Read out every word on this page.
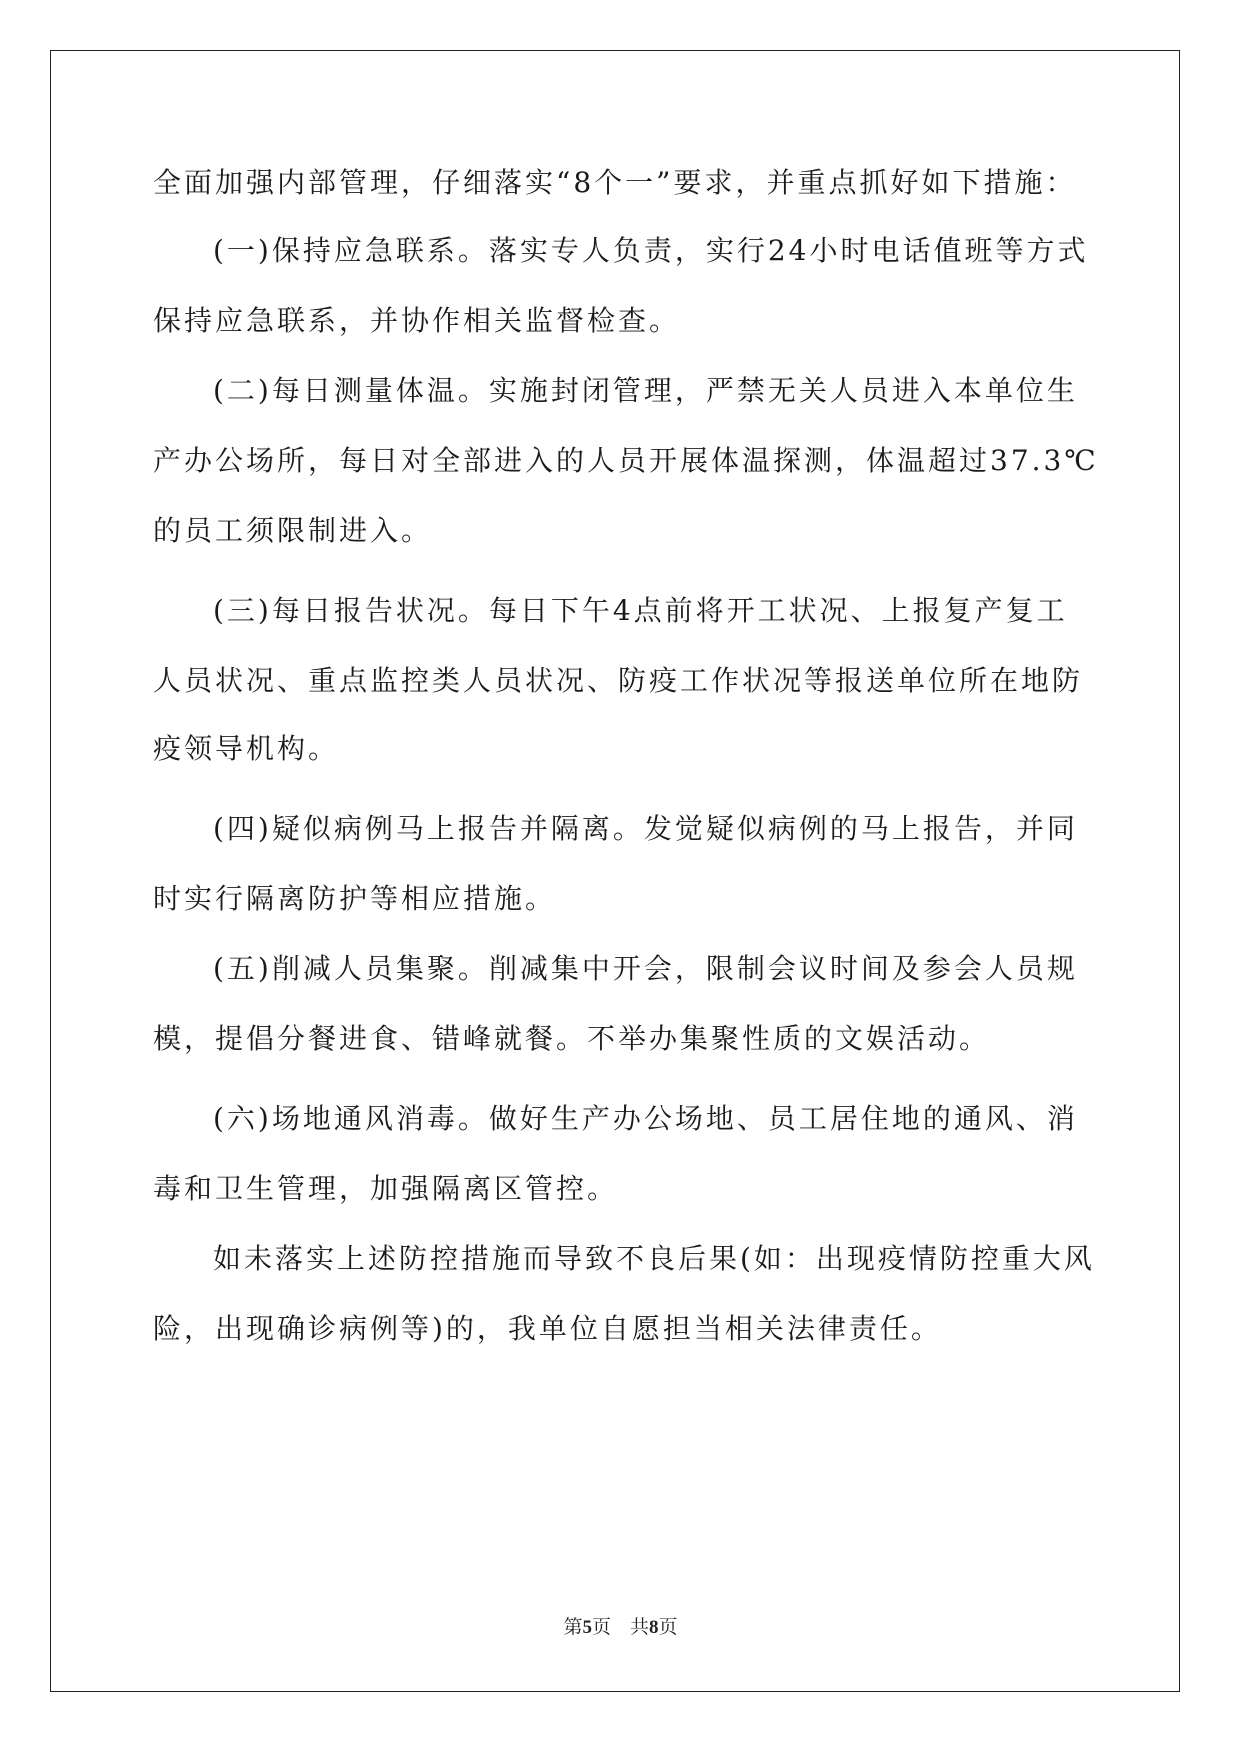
全面加强内部管理，仔细落实“8个一”要求，并重点抓好如下措施：
(一)保持应急联系。落实专人负责，实行24小时电话值班等方式
保持应急联系，并协作相关监督检查。
(二)每日测量体温。实施封闭管理，严禁无关人员进入本单位生
产办公场所，每日对全部进入的人员开展体温探测，体温超过37.3℃
的员工须限制进入。
(三)每日报告状况。每日下午4点前将开工状况、上报复产复工
人员状况、重点监控类人员状况、防疫工作状况等报送单位所在地防
疫领导机构。
(四)疑似病例马上报告并隔离。发觉疑似病例的马上报告，并同
时实行隔离防护等相应措施。
(五)削减人员集聚。削减集中开会，限制会议时间及参会人员规
模，提倡分餐进食、错峰就餐。不举办集聚性质的文娱活动。
(六)场地通风消毒。做好生产办公场地、员工居住地的通风、消
毒和卫生管理，加强隔离区管控。
如未落实上述防控措施而导致不良后果(如：出现疫情防控重大风
险，出现确诊病例等)的，我单位自愿担当相关法律责任。
第5页　共8页
